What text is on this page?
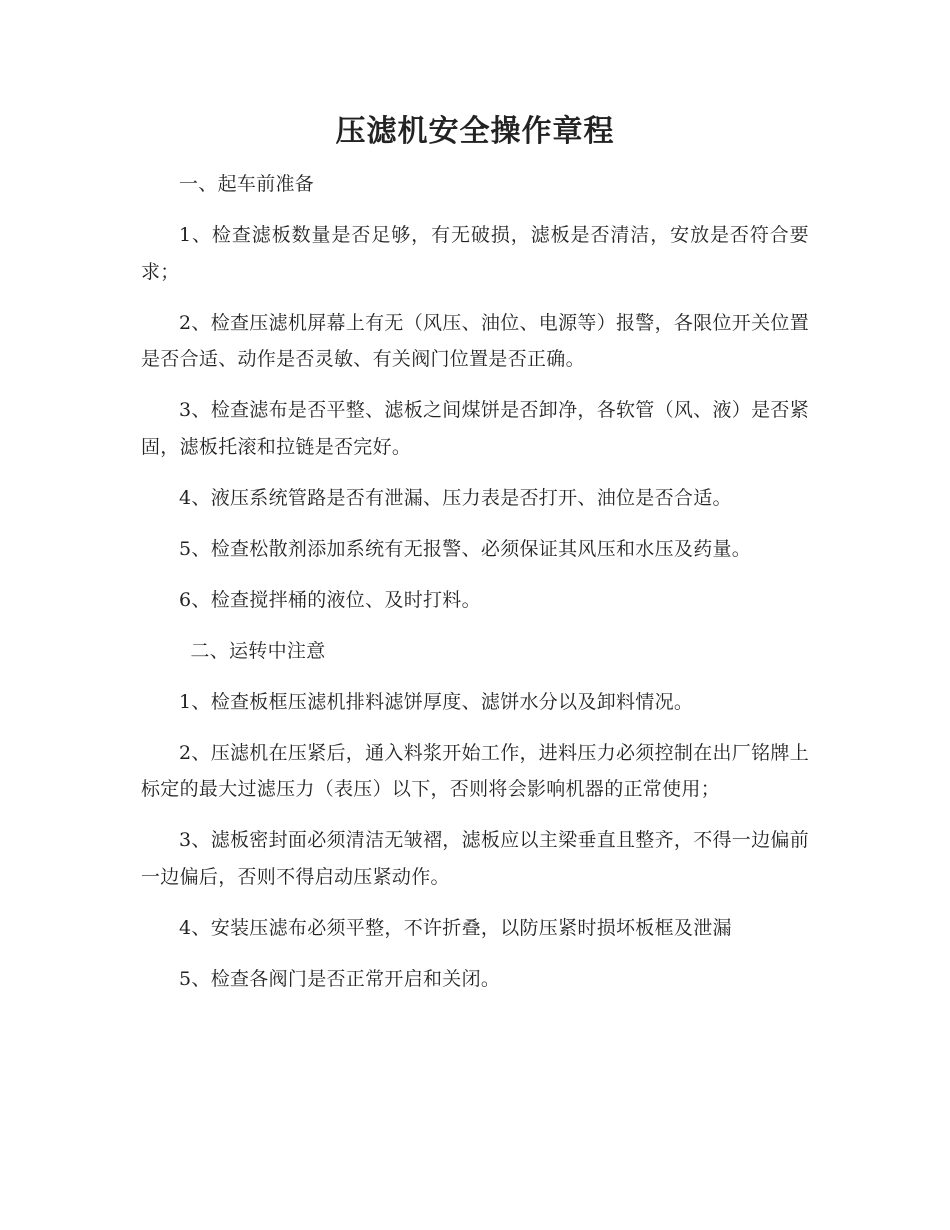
压滤机安全操作章程

一、起车前准备

1、检查滤板数量是否足够，有无破损，滤板是否清洁，安放是否符合要求；

2、检查压滤机屏幕上有无（风压、油位、电源等）报警，各限位开关位置是否合适、动作是否灵敏、有关阀门位置是否正确。

3、检查滤布是否平整、滤板之间煤饼是否卸净，各软管（风、液）是否紧固，滤板托滚和拉链是否完好。

4、液压系统管路是否有泄漏、压力表是否打开、油位是否合适。

5、检查松散剂添加系统有无报警、必须保证其风压和水压及药量。

6、检查搅拌桶的液位、及时打料。

二、运转中注意

1、检查板框压滤机排料滤饼厚度、滤饼水分以及卸料情况。

2、压滤机在压紧后，通入料浆开始工作，进料压力必须控制在出厂铭牌上标定的最大过滤压力（表压）以下，否则将会影响机器的正常使用；

3、滤板密封面必须清洁无皱褶，滤板应以主梁垂直且整齐，不得一边偏前一边偏后，否则不得启动压紧动作。

4、安装压滤布必须平整，不许折叠，以防压紧时损坏板框及泄漏

5、检查各阀门是否正常开启和关闭。
